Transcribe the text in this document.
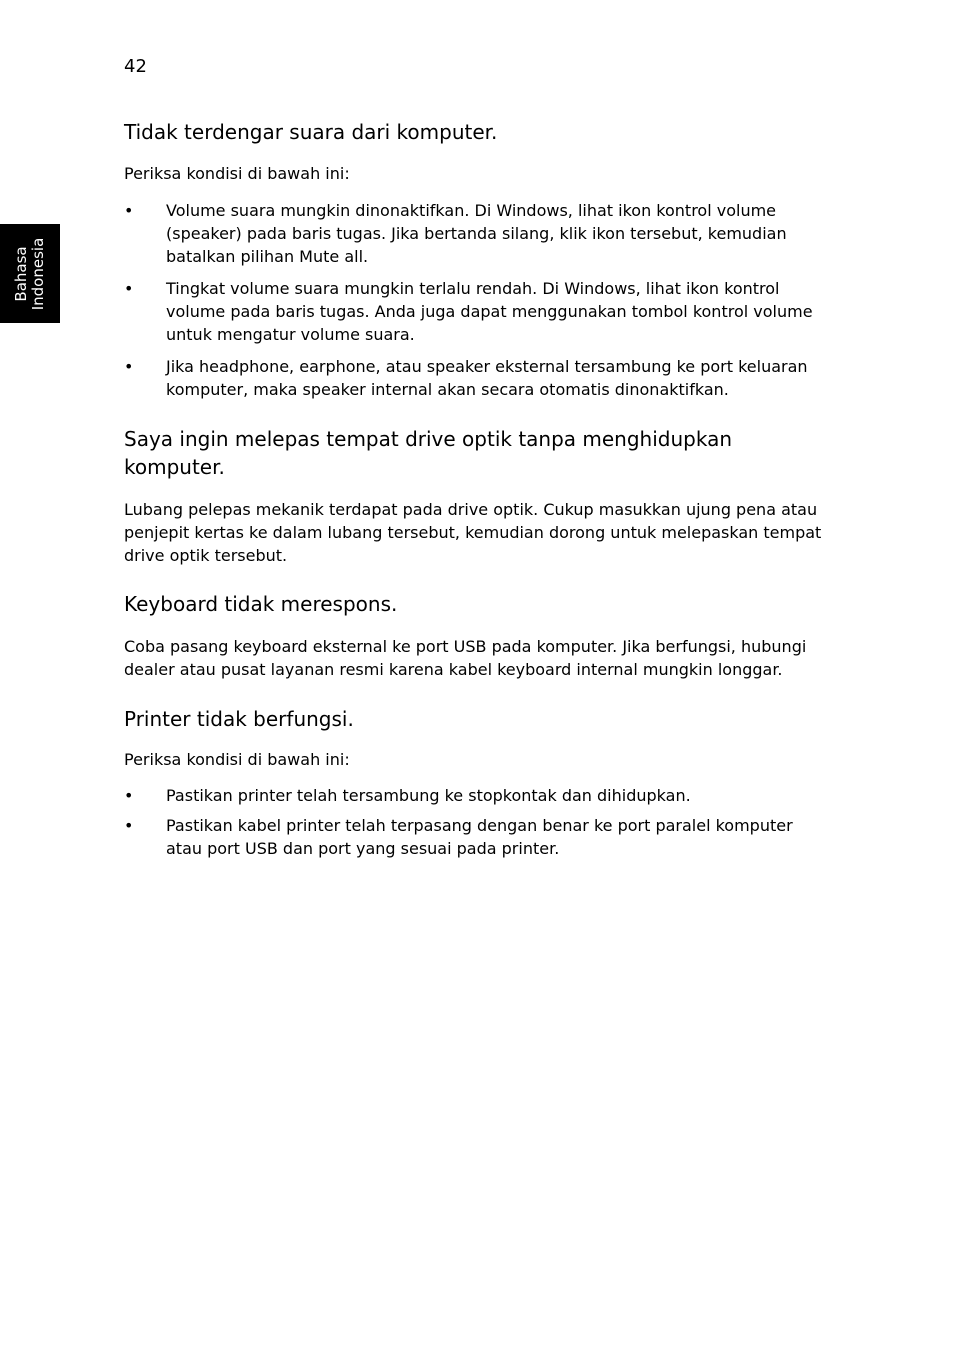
42
Bahasa Indonesia
Tidak terdengar suara dari komputer.

Periksa kondisi di bawah ini:

• Volume suara mungkin dinonaktifkan. Di Windows, lihat ikon kontrol volume (speaker) pada baris tugas. Jika bertanda silang, klik ikon tersebut, kemudian batalkan pilihan Mute all.
• Tingkat volume suara mungkin terlalu rendah. Di Windows, lihat ikon kontrol volume pada baris tugas. Anda juga dapat menggunakan tombol kontrol volume untuk mengatur volume suara.
• Jika headphone, earphone, atau speaker eksternal tersambung ke port keluaran komputer, maka speaker internal akan secara otomatis dinonaktifkan.
Saya ingin melepas tempat drive optik tanpa menghidupkan komputer.

Lubang pelepas mekanik terdapat pada drive optik. Cukup masukkan ujung pena atau penjepit kertas ke dalam lubang tersebut, kemudian dorong untuk melepaskan tempat drive optik tersebut.

Keyboard tidak merespons.

Coba pasang keyboard eksternal ke port USB pada komputer. Jika berfungsi, hubungi dealer atau pusat layanan resmi karena kabel keyboard internal mungkin longgar.

Printer tidak berfungsi.

Periksa kondisi di bawah ini:

• Pastikan printer telah tersambung ke stopkontak dan dihidupkan.
• Pastikan kabel printer telah terpasang dengan benar ke port paralel komputer atau port USB dan port yang sesuai pada printer.
